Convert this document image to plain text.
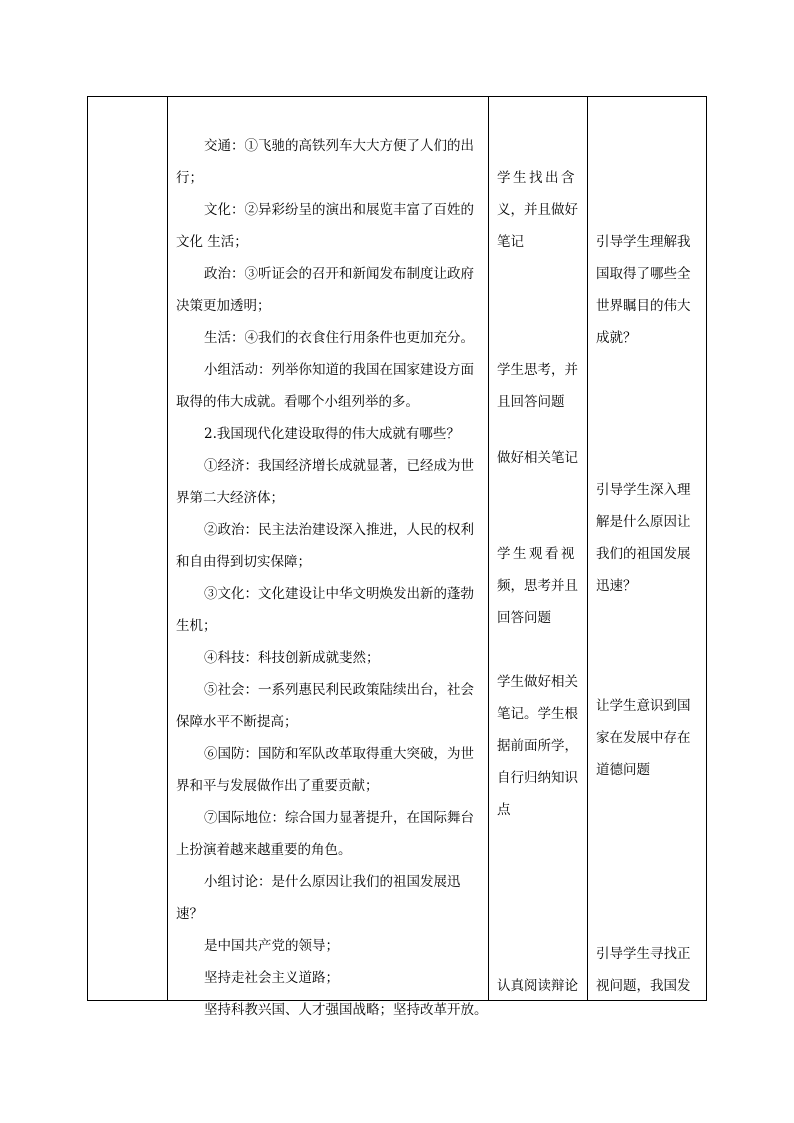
交通：①飞驰的高铁列车大大方便了人们的出
行；
文化：②异彩纷呈的演出和展览丰富了百姓的
文化 生活；
政治：③听证会的召开和新闻发布制度让政府
决策更加透明；
生活：④我们的衣食住行用条件也更加充分。
小组活动：列举你知道的我国在国家建设方面
取得的伟大成就。看哪个小组列举的多。
2.我国现代化建设取得的伟大成就有哪些？
①经济：我国经济增长成就显著，已经成为世
界第二大经济体；
②政治：民主法治建设深入推进，人民的权利
和自由得到切实保障；
③文化：文化建设让中华文明焕发出新的蓬勃
生机；
④科技：科技创新成就斐然；
⑤社会：一系列惠民利民政策陆续出台，社会
保障水平不断提高；
⑥国防：国防和军队改革取得重大突破，为世
界和平与发展做作出了重要贡献；
⑦国际地位：综合国力显著提升，在国际舞台
上扮演着越来越重要的角色。
小组讨论：是什么原因让我们的祖国发展迅
速？
是中国共产党的领导；
坚持走社会主义道路；
坚持科教兴国、人才强国战略；坚持改革开放。
学生找出含
义，并且做好
笔记
学生思考，并
且回答问题
做好相关笔记
学生观看视
频，思考并且
回答问题
学生做好相关
笔记。学生根
据前面所学，
自行归纳知识
点
认真阅读辩论
引导学生理解我
国取得了哪些全
世界瞩目的伟大
成就？
引导学生深入理
解是什么原因让
我们的祖国发展
迅速？
让学生意识到国
家在发展中存在
道德问题
引导学生寻找正
视问题，我国发
